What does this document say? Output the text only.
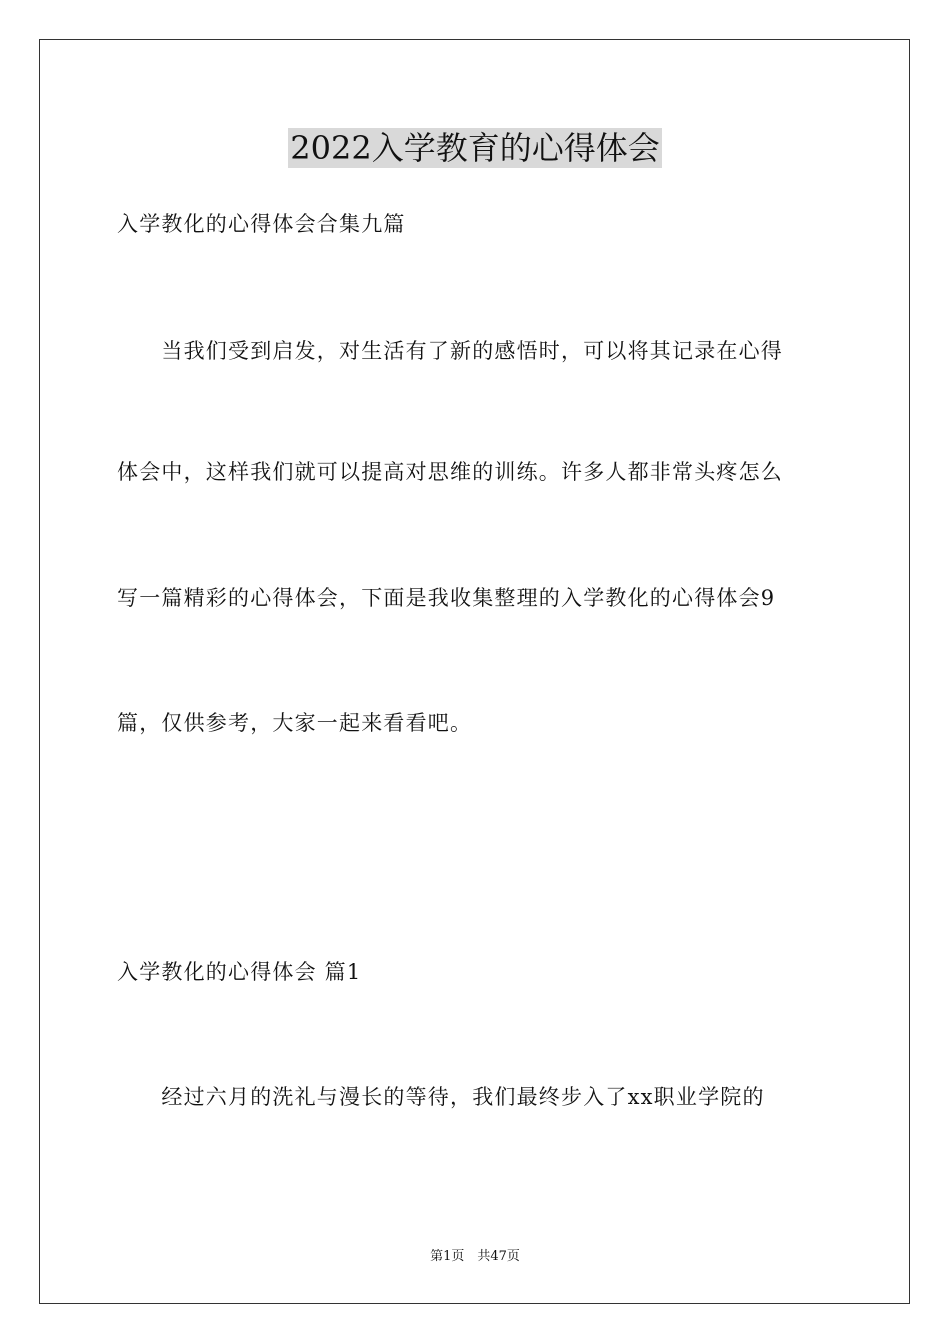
2022入学教育的心得体会
入学教化的心得体会合集九篇
　　当我们受到启发，对生活有了新的感悟时，可以将其记录在心得
体会中，这样我们就可以提高对思维的训练。许多人都非常头疼怎么
写一篇精彩的心得体会，下面是我收集整理的入学教化的心得体会9
篇，仅供参考，大家一起来看看吧。
入学教化的心得体会 篇1
　　经过六月的洗礼与漫长的等待，我们最终步入了xx职业学院的
第1页　共47页
